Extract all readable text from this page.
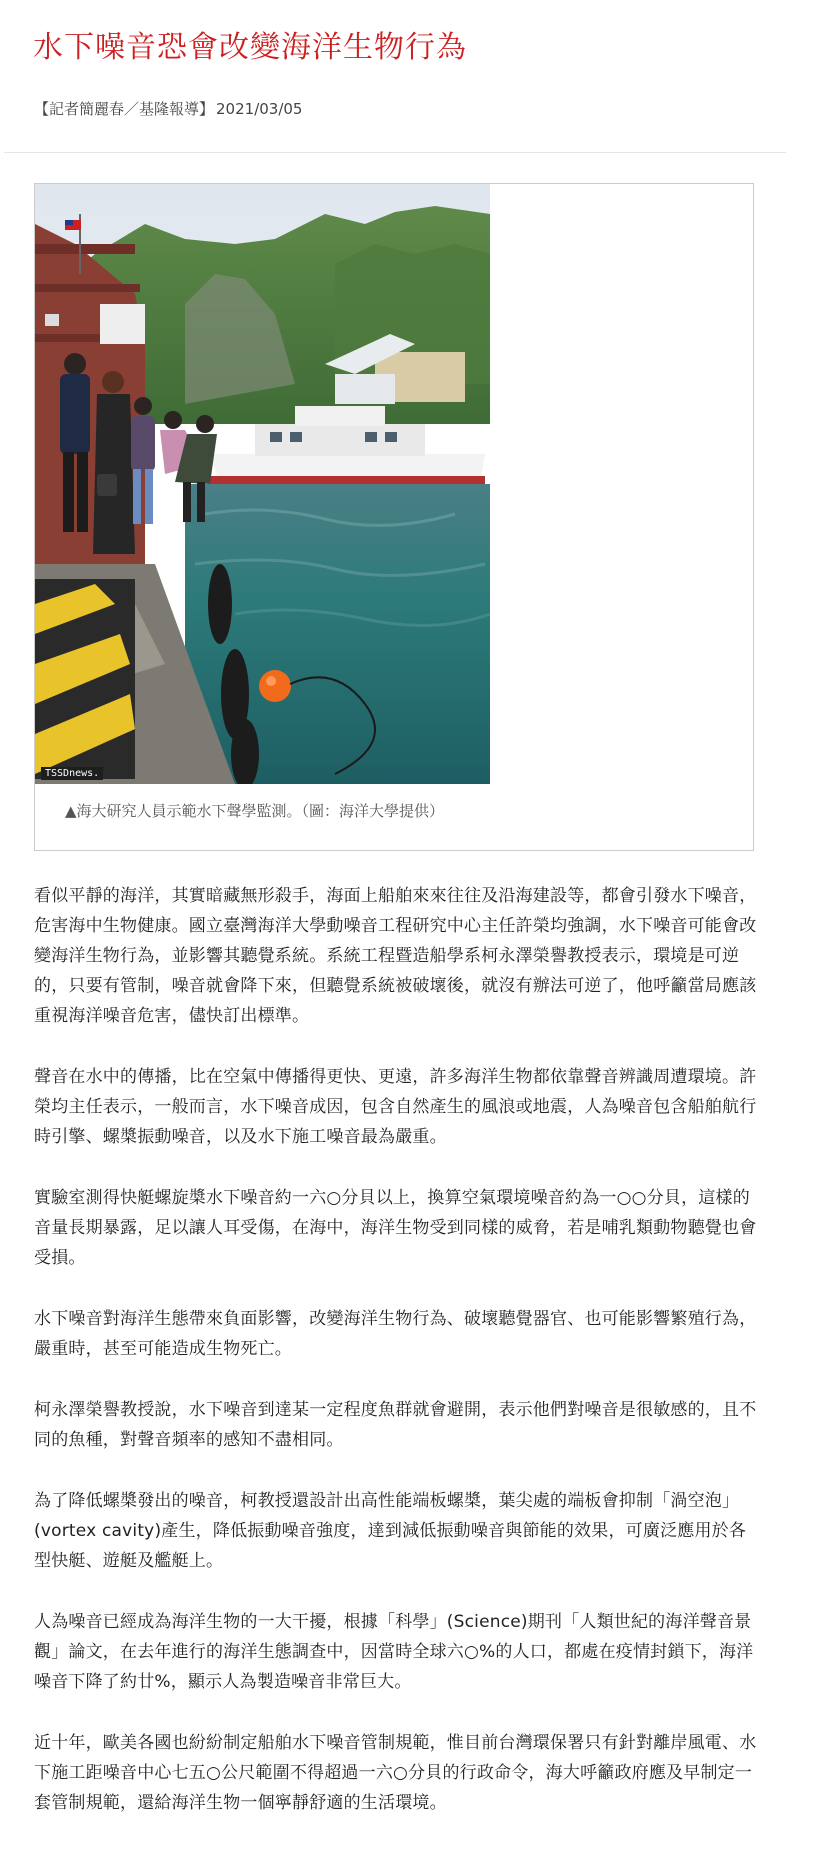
水下噪音恐會改變海洋生物行為
【記者簡麗春／基隆報導】 2021/03/05
TSSDnews.
▲海大研究人員示範水下聲學監測。（圖：海洋大學提供）

看似平靜的海洋，其實暗藏無形殺手，海面上船舶來來往往及沿海建設等，都會引發水下噪音，危害海中生物健康。國立臺灣海洋大學動噪音工程研究中心主任許榮均強調，水下噪音可能會改變海洋生物行為，並影響其聽覺系統。系統工程暨造船學系柯永澤榮譽教授表示，環境是可逆的，只要有管制，噪音就會降下來，但聽覺系統被破壞後，就沒有辦法可逆了，他呼籲當局應該重視海洋噪音危害，儘快訂出標準。

聲音在水中的傳播，比在空氣中傳播得更快、更遠，許多海洋生物都依靠聲音辨識周遭環境。許榮均主任表示，一般而言，水下噪音成因，包含自然產生的風浪或地震，人為噪音包含船舶航行時引擎、螺槳振動噪音，以及水下施工噪音最為嚴重。

實驗室測得快艇螺旋槳水下噪音約一六○分貝以上，換算空氣環境噪音約為一○○分貝，這樣的音量長期暴露，足以讓人耳受傷，在海中，海洋生物受到同樣的威脅，若是哺乳類動物聽覺也會受損。

水下噪音對海洋生態帶來負面影響，改變海洋生物行為、破壞聽覺器官、也可能影響繁殖行為，嚴重時，甚至可能造成生物死亡。

柯永澤榮譽教授說，水下噪音到達某一定程度魚群就會避開，表示他們對噪音是很敏感的，且不同的魚種，對聲音頻率的感知不盡相同。

為了降低螺槳發出的噪音，柯教授還設計出高性能端板螺槳，葉尖處的端板會抑制「渦空泡」(vortex cavity)產生，降低振動噪音強度，達到減低振動噪音與節能的效果，可廣泛應用於各型快艇、遊艇及艦艇上。

人為噪音已經成為海洋生物的一大干擾，根據「科學」(Science)期刊「人類世紀的海洋聲音景觀」論文，在去年進行的海洋生態調查中，因當時全球六○%的人口，都處在疫情封鎖下，海洋噪音下降了約廿%，顯示人為製造噪音非常巨大。

近十年，歐美各國也紛紛制定船舶水下噪音管制規範，惟目前台灣環保署只有針對離岸風電、水下施工距噪音中心七五○公尺範圍不得超過一六○分貝的行政命令，海大呼籲政府應及早制定一套管制規範，還給海洋生物一個寧靜舒適的生活環境。
